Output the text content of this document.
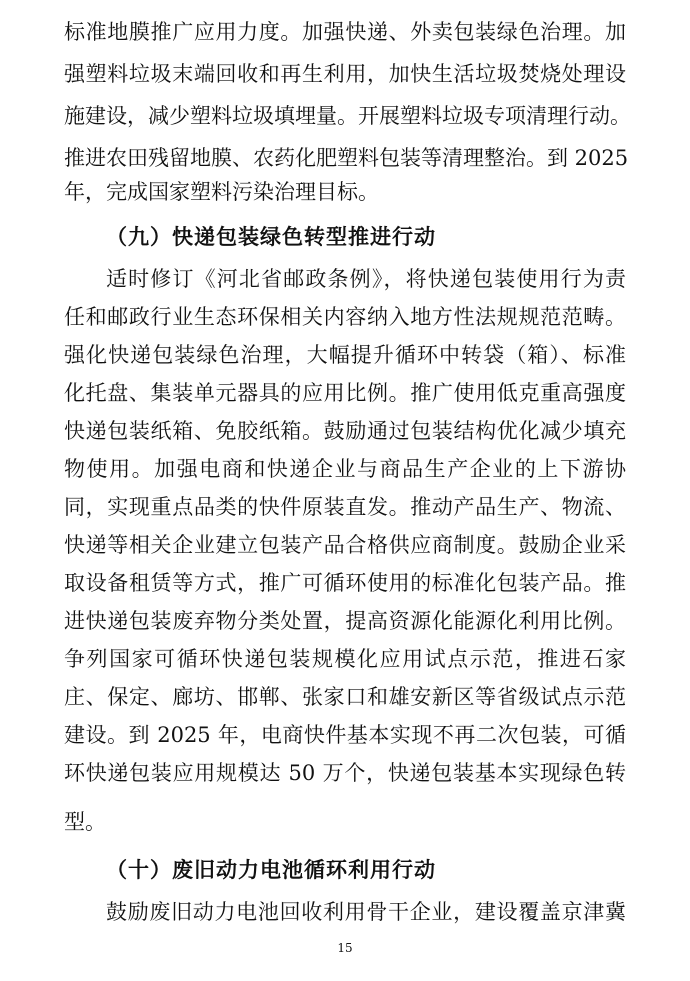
标准地膜推广应用力度。加强快递、外卖包装绿色治理。加
强塑料垃圾末端回收和再生利用，加快生活垃圾焚烧处理设
施建设，减少塑料垃圾填埋量。开展塑料垃圾专项清理行动。
推进农田残留地膜、农药化肥塑料包装等清理整治。到 2025
年，完成国家塑料污染治理目标。
（九）快递包装绿色转型推进行动
适时修订《河北省邮政条例》，将快递包装使用行为责
任和邮政行业生态环保相关内容纳入地方性法规规范范畴。
强化快递包装绿色治理，大幅提升循环中转袋（箱）、标准
化托盘、集装单元器具的应用比例。推广使用低克重高强度
快递包装纸箱、免胶纸箱。鼓励通过包装结构优化减少填充
物使用。加强电商和快递企业与商品生产企业的上下游协
同，实现重点品类的快件原装直发。推动产品生产、物流、
快递等相关企业建立包装产品合格供应商制度。鼓励企业采
取设备租赁等方式，推广可循环使用的标准化包装产品。推
进快递包装废弃物分类处置，提高资源化能源化利用比例。
争列国家可循环快递包装规模化应用试点示范，推进石家
庄、保定、廊坊、邯郸、张家口和雄安新区等省级试点示范
建设。到 2025 年，电商快件基本实现不再二次包装，可循
环快递包装应用规模达 50 万个，快递包装基本实现绿色转
型。
（十）废旧动力电池循环利用行动
鼓励废旧动力电池回收利用骨干企业，建设覆盖京津冀
15
